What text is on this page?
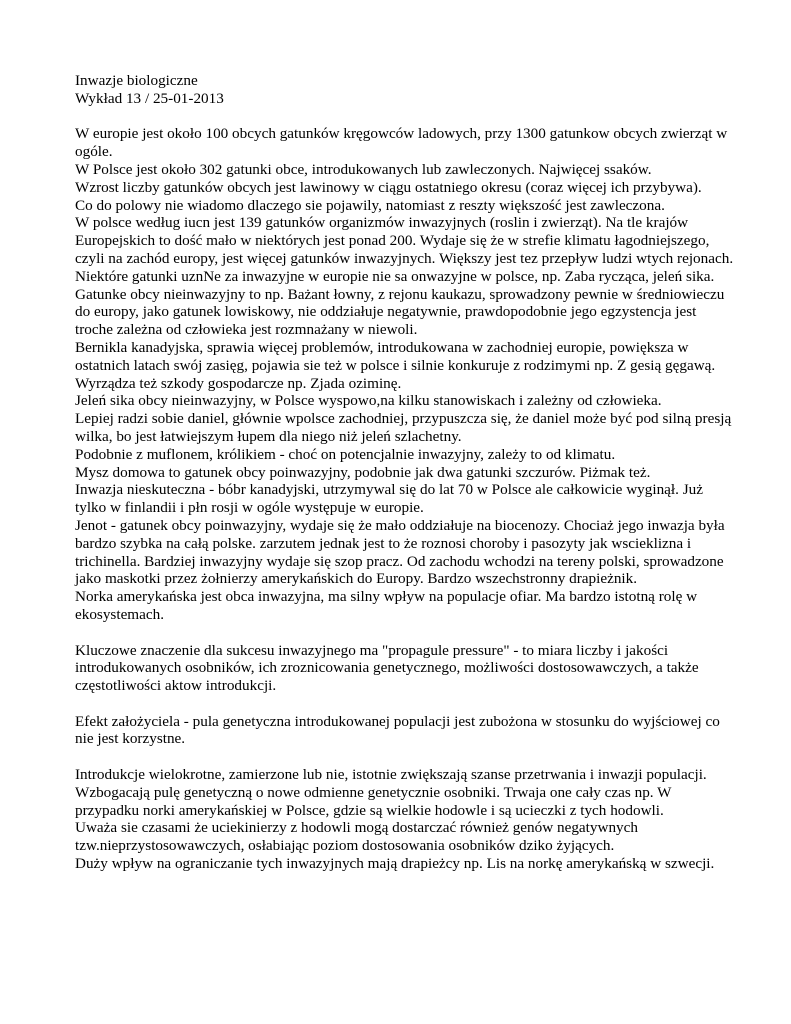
Inwazje biologiczne

Wykład 13 / 25-01-2013

W europie jest około 100 obcych gatunków kręgowców ladowych, przy 1300 gatunkow obcych zwierząt w ogóle.

W Polsce jest około 302 gatunki obce, introdukowanych lub zawleczonych. Najwięcej ssaków.

Wzrost liczby gatunków obcych jest lawinowy w ciągu ostatniego okresu (coraz więcej ich przybywa).

Co do polowy nie wiadomo dlaczego sie pojawily, natomiast z reszty większość jest zawleczona.

W polsce według iucn jest 139 gatunków organizmów inwazyjnych (roslin i zwierząt). Na tle krajów Europejskich to dość mało w niektórych jest ponad 200. Wydaje się że w strefie klimatu łagodniejszego, czyli na zachód europy, jest więcej gatunków inwazyjnych. Większy jest tez przepływ ludzi wtych rejonach.

Niektóre gatunki uznNe za inwazyjne w europie nie sa onwazyjne w polsce, np. Zaba rycząca, jeleń sika.

Gatunke obcy nieinwazyjny to np. Bażant łowny, z rejonu kaukazu, sprowadzony pewnie w średniowieczu do europy, jako gatunek lowiskowy, nie oddziałuje negatywnie, prawdopodobnie jego egzystencja jest troche zależna od człowieka jest rozmnażany w niewoli.

Bernikla kanadyjska, sprawia więcej problemów, introdukowana w zachodniej europie, powiększa w ostatnich latach swój zasięg, pojawia sie też w polsce i silnie konkuruje z rodzimymi np. Z gesią gęgawą. Wyrządza też szkody gospodarcze np. Zjada oziminę.

Jeleń sika obcy nieinwazyjny, w Polsce wyspowo,na kilku stanowiskach i zależny od człowieka.

Lepiej radzi sobie daniel, głównie wpolsce zachodniej, przypuszcza się, że daniel może być pod silną presją wilka, bo jest łatwiejszym łupem dla niego niż jeleń szlachetny.

Podobnie z muflonem, królikiem - choć on potencjalnie inwazyjny, zależy to od klimatu.

Mysz domowa to gatunek obcy poinwazyjny, podobnie jak dwa gatunki szczurów. Piżmak też.

Inwazja nieskuteczna - bóbr kanadyjski, utrzymywal się do lat 70 w Polsce ale całkowicie wyginął. Już tylko w finlandii i płn rosji w ogóle występuje w europie.

Jenot - gatunek obcy poinwazyjny, wydaje się że mało oddziałuje na biocenozy. Chociaż jego inwazja była bardzo szybka na całą polske. zarzutem jednak jest to że roznosi choroby i pasozyty jak wscieklizna i trichinella. Bardziej inwazyjny wydaje się szop pracz. Od zachodu wchodzi na tereny polski, sprowadzone jako maskotki przez żołnierzy amerykańskich do Europy. Bardzo wszechstronny drapieżnik.

Norka amerykańska jest obca inwazyjna, ma silny wpływ na populacje ofiar. Ma bardzo istotną rolę w ekosystemach.

Kluczowe znaczenie dla sukcesu inwazyjnego ma "propagule pressure" - to miara liczby i jakości introdukowanych osobników, ich zroznicowania genetycznego, możliwości dostosowawczych, a także częstotliwości aktow introdukcji.

Efekt założyciela - pula genetyczna introdukowanej populacji jest zubożona w stosunku do wyjściowej co nie jest korzystne.

Introdukcje wielokrotne, zamierzone lub nie, istotnie zwiększają szanse przetrwania i inwazji populacji. Wzbogacają pulę genetyczną o nowe odmienne genetycznie osobniki. Trwaja one cały czas np. W przypadku norki amerykańskiej w Polsce, gdzie są wielkie hodowle i są ucieczki z tych hodowli.

Uważa sie czasami że uciekinierzy z hodowli mogą dostarczać również genów negatywnych tzw.nieprzystosowawczych, osłabiając poziom dostosowania osobników dziko żyjących.

Duży wpływ na ograniczanie tych inwazyjnych mają drapieżcy np. Lis na norkę amerykańską w szwecji.
